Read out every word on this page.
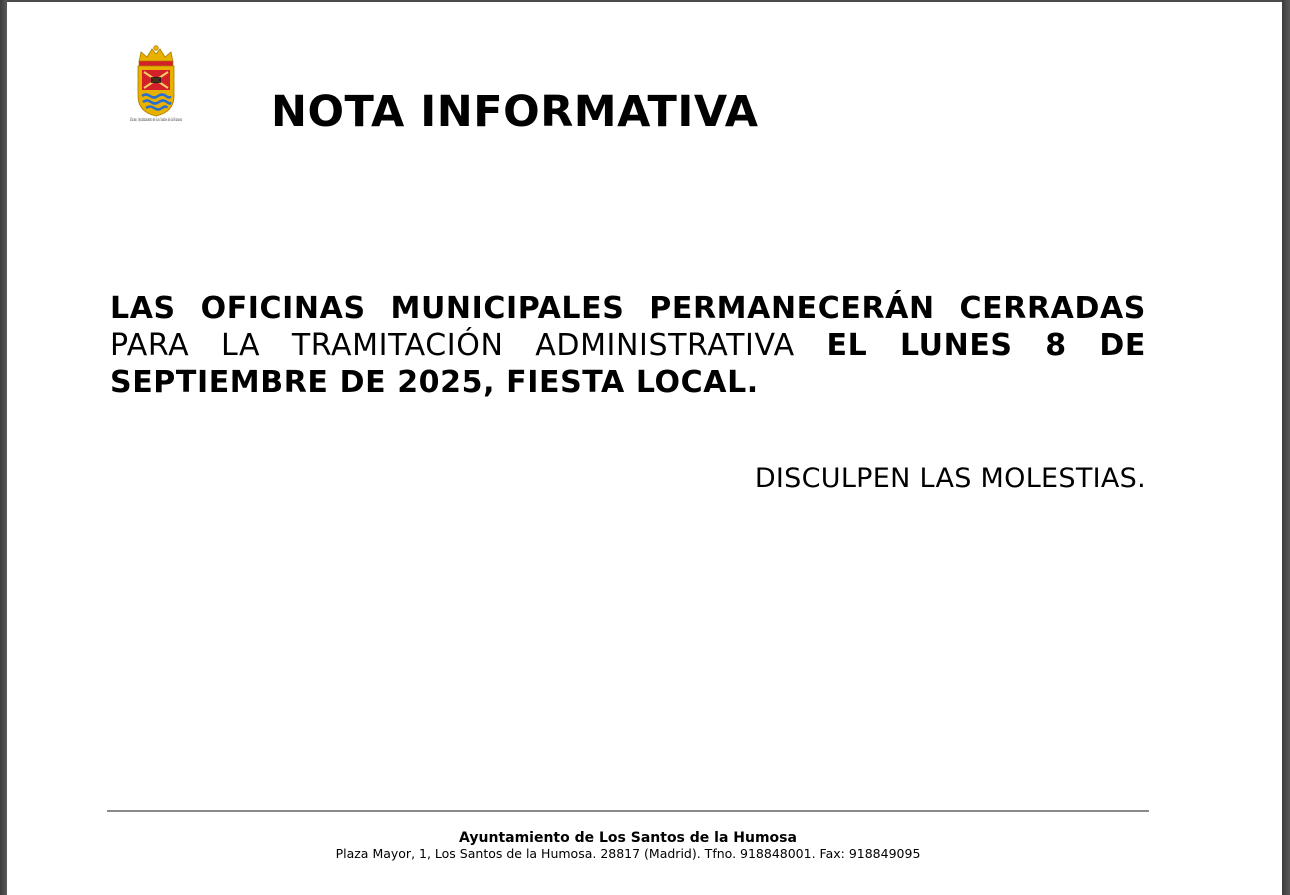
Excmo. Ayuntamiento de Los Santos de la Humosa NOTA INFORMATIVA

LAS OFICINAS MUNICIPALES PERMANECERÁN CERRADAS PARA LA TRAMITACIÓN ADMINISTRATIVA EL LUNES 8 DE SEPTIEMBRE DE 2025, FIESTA LOCAL.

DISCULPEN LAS MOLESTIAS.

Ayuntamiento de Los Santos de la Humosa
Plaza Mayor, 1, Los Santos de la Humosa. 28817 (Madrid). Tfno. 918848001. Fax: 918849095
